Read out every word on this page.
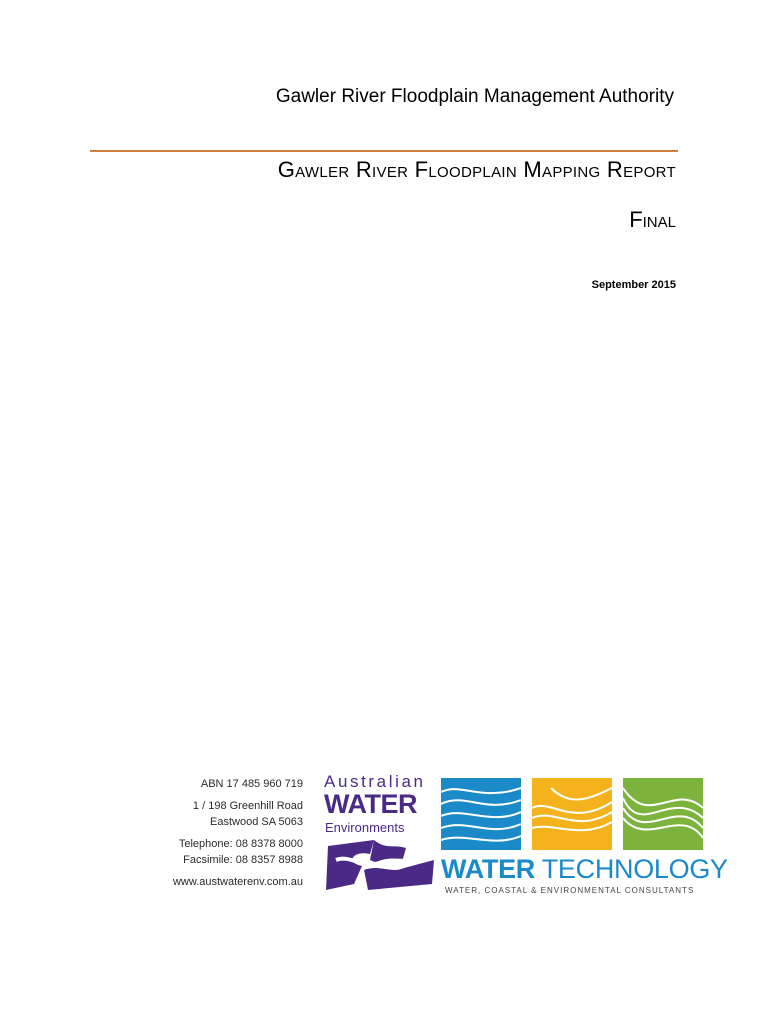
Gawler River Floodplain Management Authority
Gawler River Floodplain Mapping Report
Final
September 2015
ABN 17 485 960 719
1 / 198 Greenhill Road
Eastwood SA 5063
Telephone: 08 8378 8000
Facsimile: 08 8357 8988
www.austwaterenv.com.au
Australian
WATER
Environments
WATER TECHNOLOGY
WATER, COASTAL & ENVIRONMENTAL CONSULTANTS
